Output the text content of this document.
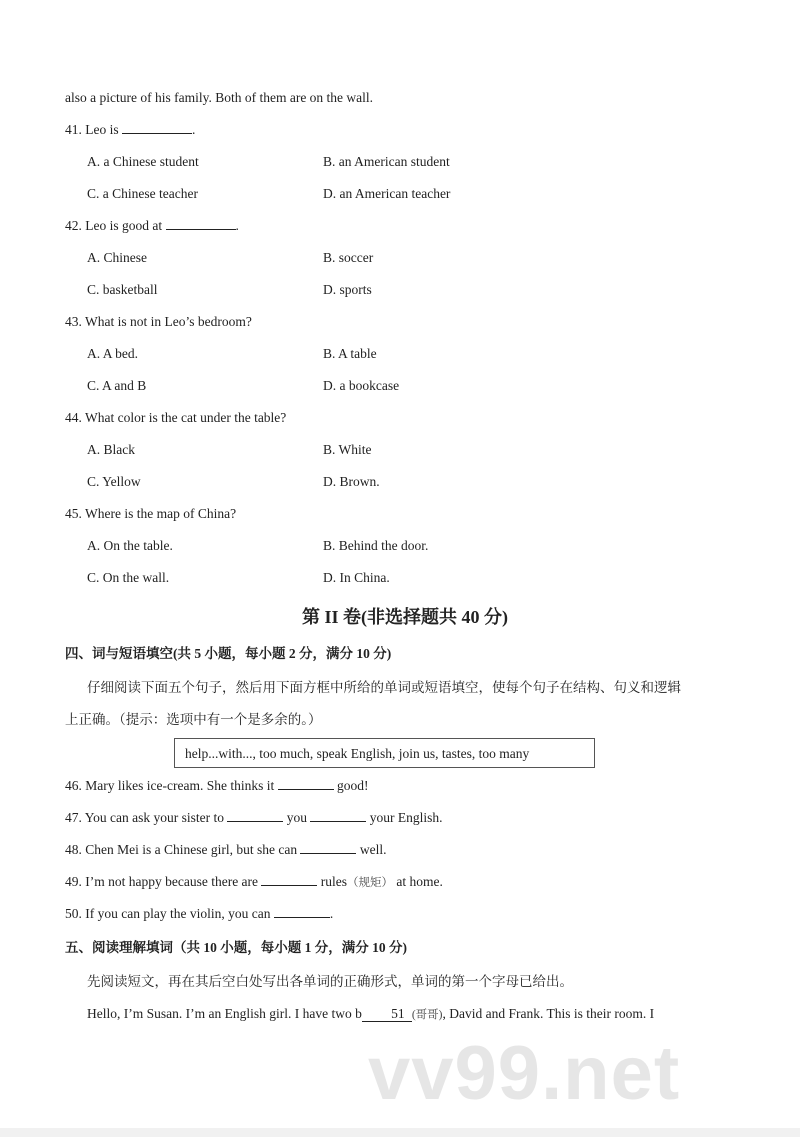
vv99.net
also a picture of his family. Both of them are on the wall.
41. Leo is	.
A. a Chinese student	B. an American student
C. a Chinese teacher	D. an American teacher
42. Leo is good at	.
A. Chinese	B. soccer
C. basketball	D. sports
43. What is not in Leo’s bedroom?
A. A bed.	B. A table
C. A and B	D. a bookcase
44. What color is the cat under the table?
A. Black	B. White
C. Yellow	D. Brown.
45. Where is the map of China?
A. On the table.	B. Behind the door.
C. On the wall.	D. In China.
第 II 卷(非选择题共 40 分)
四、词与短语填空(共 5 小题，每小题 2 分，满分 10 分)
仔细阅读下面五个句子，然后用下面方框中所给的单词或短语填空，使每个句子在结构、句义和逻辑
上正确。（提示：选项中有一个是多余的。）
help...with..., too much, speak English, join us, tastes, too many
46. Mary likes ice-cream. She thinks it	good!
47. You can ask your sister to	you	your English.
48. Chen Mei is a Chinese girl, but she can	well.
49. I’m not happy because there are	rules（规矩） at home.
50. If you can play the violin, you can	.
五、阅读理解填词（共 10 小题，每小题 1 分，满分 10 分)
先阅读短文，再在其后空白处写出各单词的正确形式，单词的第一个字母已给出。
Hello, I’m Susan. I’m an English girl. I have two b 51 (哥哥), David and Frank. This is their room. I
